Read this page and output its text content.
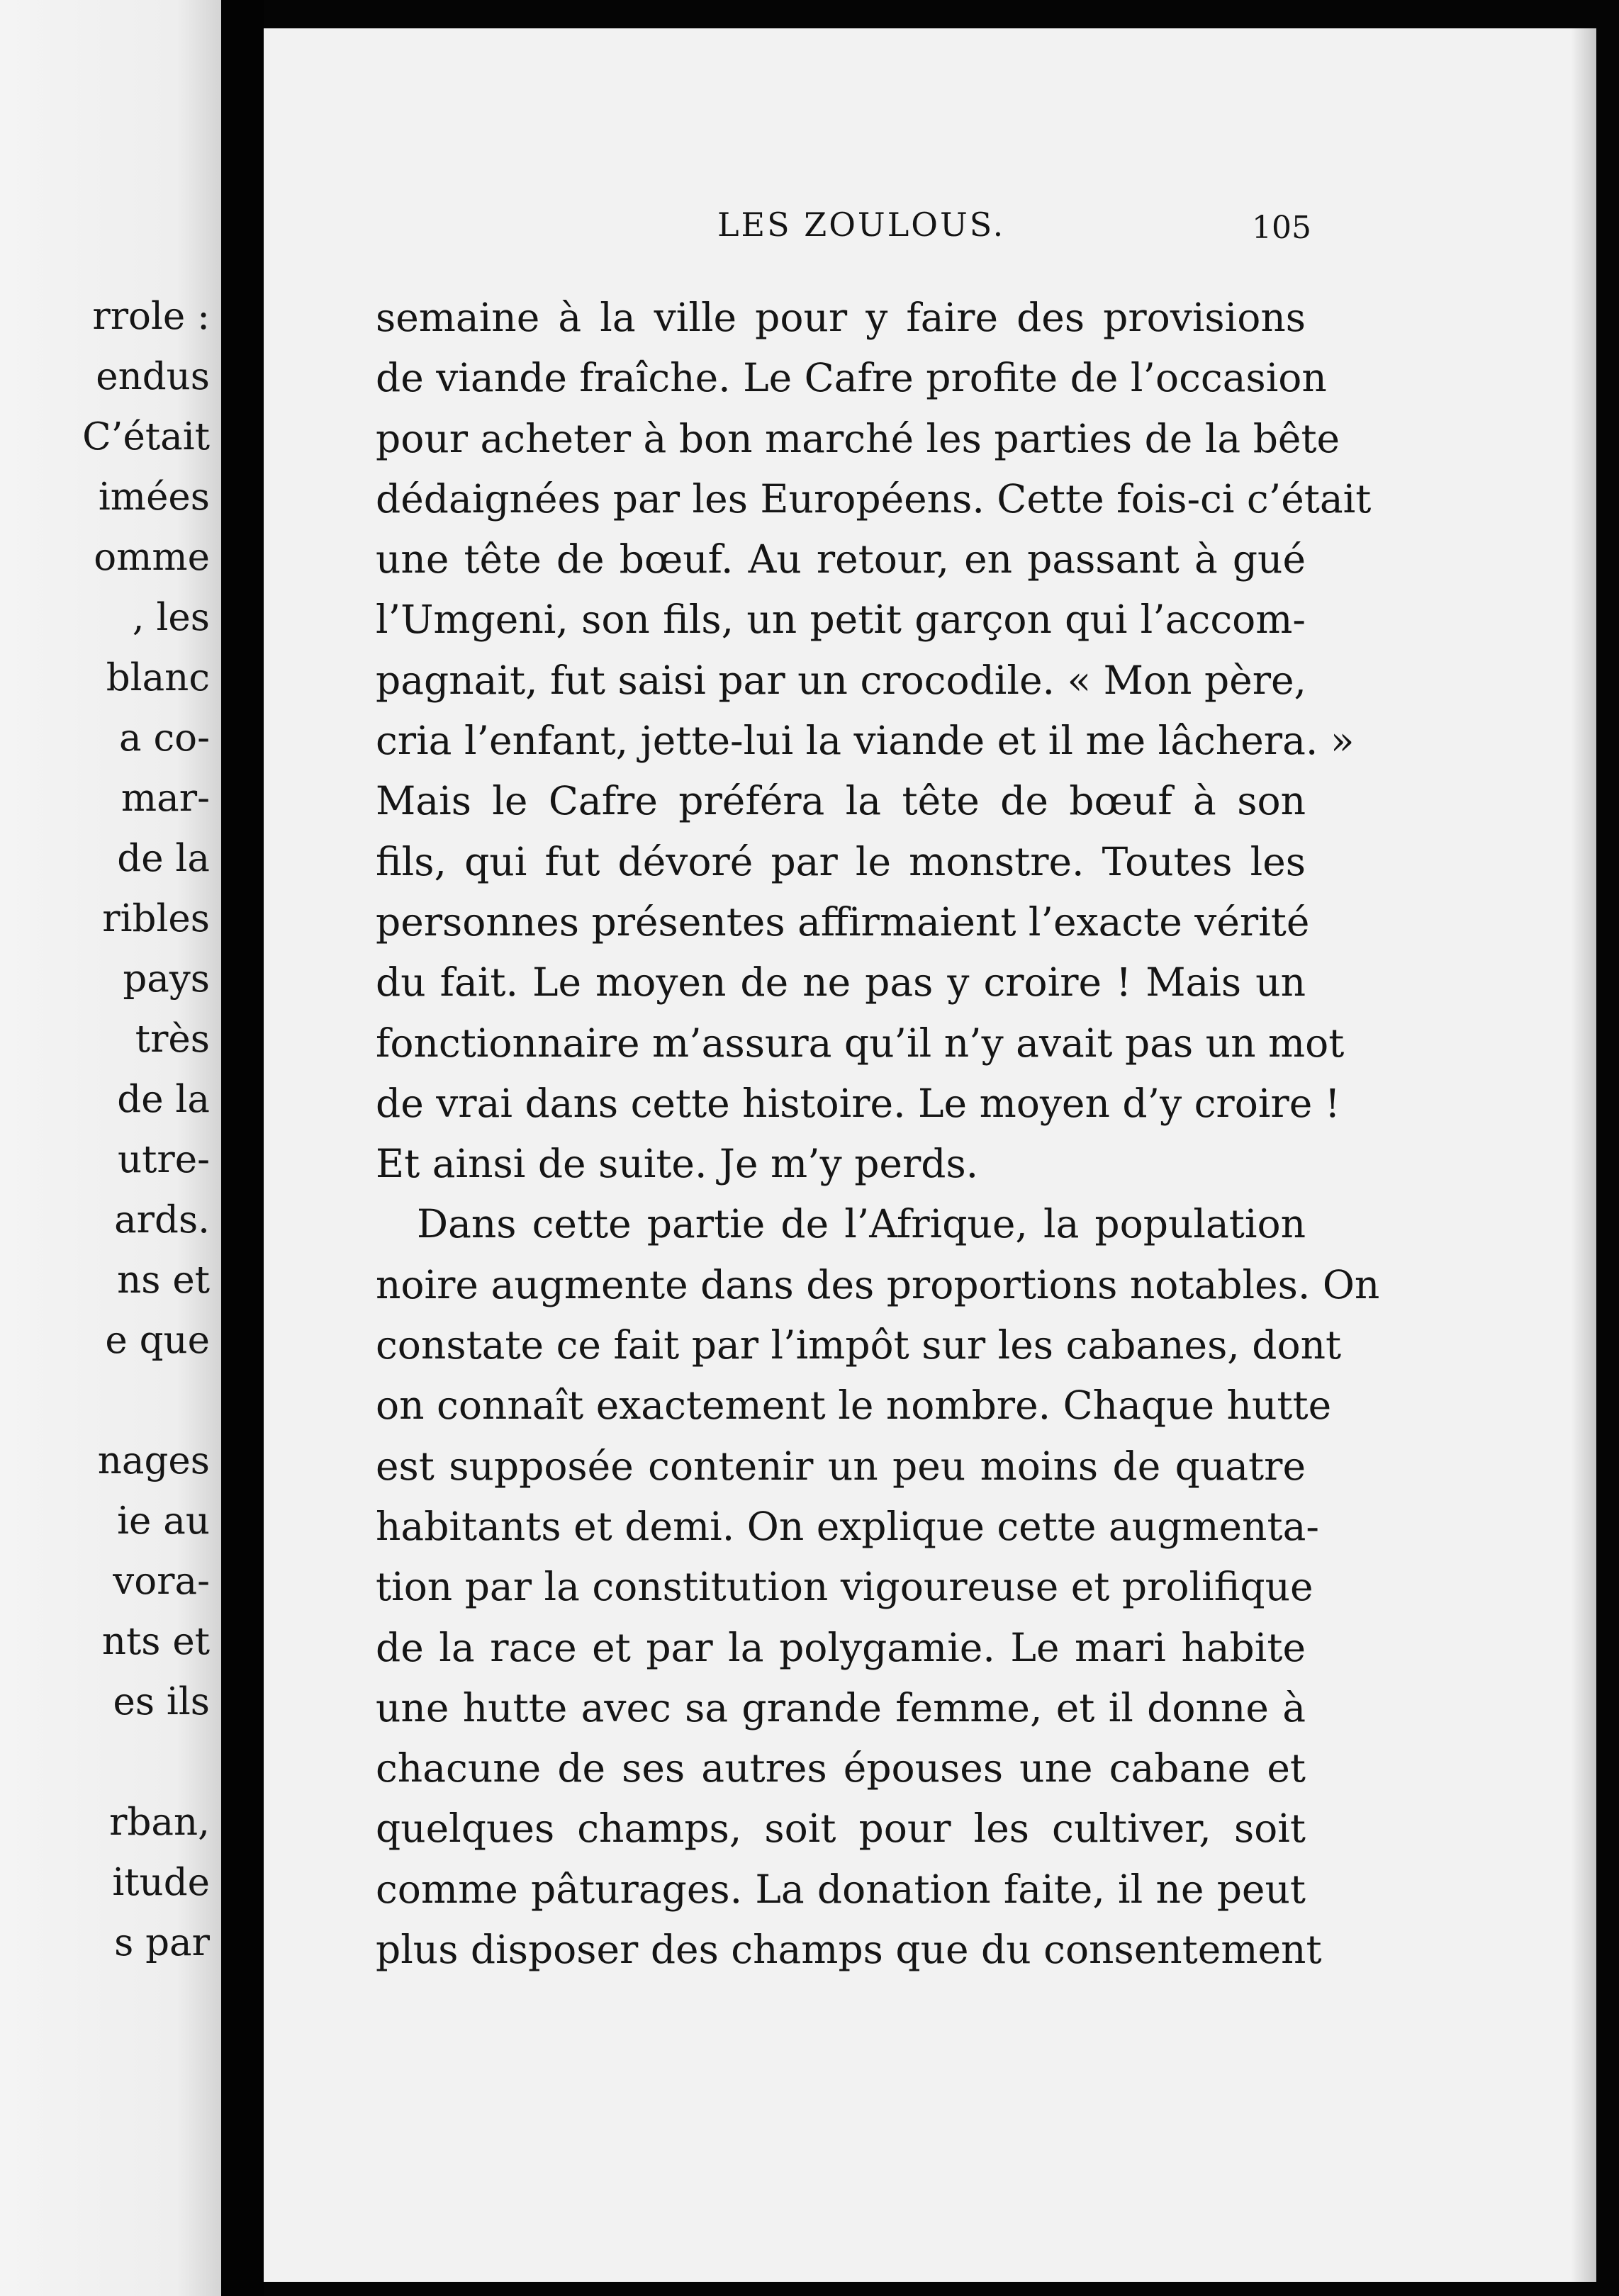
rrole :
endus
C’était
imées
omme
, les
blanc
a co-
mar-
de la
ribles
pays
très
de la
utre-
ards.
ns et
e que
nages
ie au
vora-
nts et
es ils
rban,
itude
s par
LES ZOULOUS.	105
semaine à la ville pour y faire des provisions
de viande fraîche. Le Cafre profite de l’occasion
pour acheter à bon marché les parties de la bête
dédaignées par les Européens. Cette fois-ci c’était
une tête de bœuf. Au retour, en passant à gué
l’Umgeni, son fils, un petit garçon qui l’accom-
pagnait, fut saisi par un crocodile. « Mon père,
cria l’enfant, jette-lui la viande et il me lâchera. »
Mais le Cafre préféra la tête de bœuf à son
fils, qui fut dévoré par le monstre. Toutes les
personnes présentes affirmaient l’exacte vérité
du fait. Le moyen de ne pas y croire ! Mais un
fonctionnaire m’assura qu’il n’y avait pas un mot
de vrai dans cette histoire. Le moyen d’y croire !
Et ainsi de suite. Je m’y perds.
Dans cette partie de l’Afrique, la population
noire augmente dans des proportions notables. On
constate ce fait par l’impôt sur les cabanes, dont
on connaît exactement le nombre. Chaque hutte
est supposée contenir un peu moins de quatre
habitants et demi. On explique cette augmenta-
tion par la constitution vigoureuse et prolifique
de la race et par la polygamie. Le mari habite
une hutte avec sa grande femme, et il donne à
chacune de ses autres épouses une cabane et
quelques champs, soit pour les cultiver, soit
comme pâturages. La donation faite, il ne peut
plus disposer des champs que du consentement
